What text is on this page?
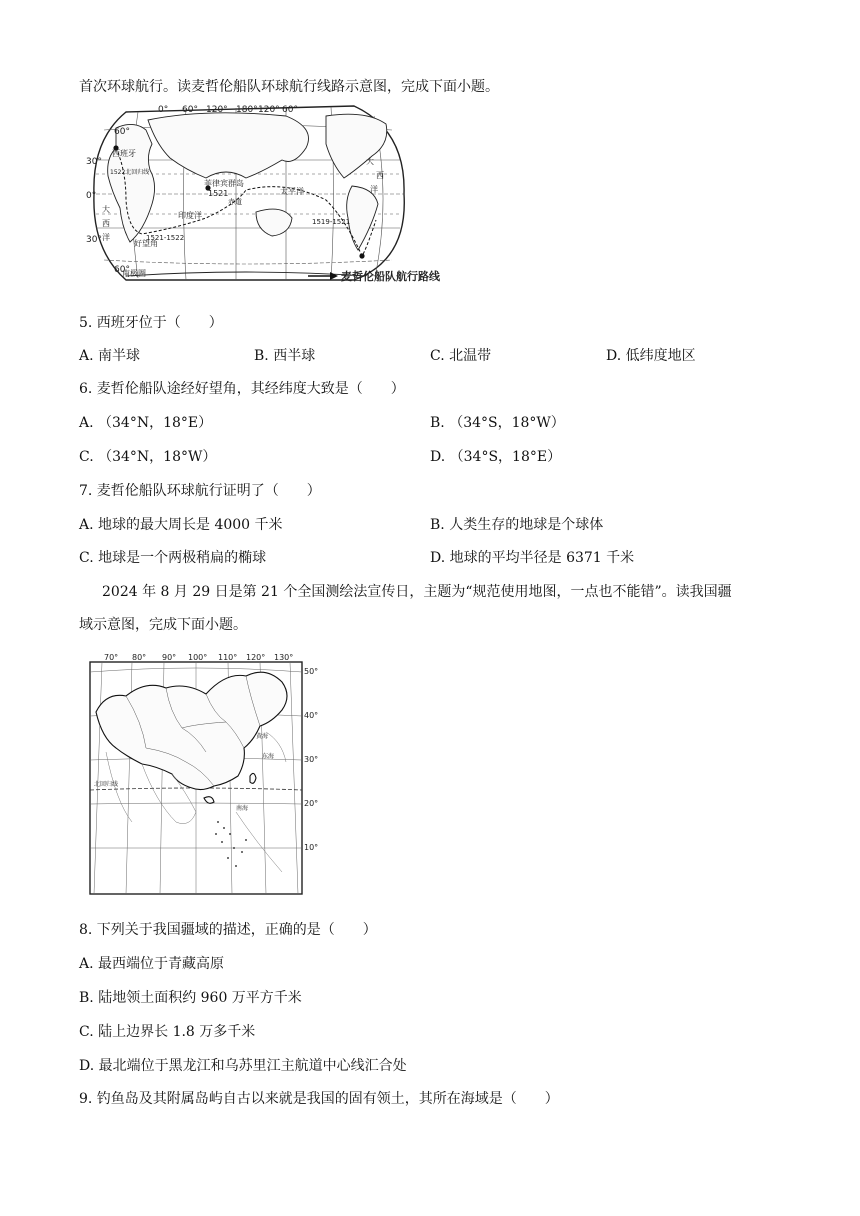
首次环球航行。读麦哲伦船队环球航行线路示意图，完成下面小题。
0° 60° 120° 180° 120° 60°
60°
30°
0°
30°
60°
西班牙
菲律宾群岛
1521	太平洋
印度洋
大
西
洋
大
西
洋
好望角
1521-1522
1519-1521
1522北回归线
南极圈
赤道
麦哲伦船队航行路线
5. 西班牙位于（　　）
A. 南半球	B. 西半球	C. 北温带	D. 低纬度地区
6. 麦哲伦船队途经好望角，其经纬度大致是（　　）
A. （34°N，18°E）	B. （34°S，18°W）
C. （34°N，18°W）	D. （34°S，18°E）
7. 麦哲伦船队环球航行证明了（　　）
A. 地球的最大周长是 4000 千米	B. 人类生存的地球是个球体
C. 地球是一个两极稍扁的椭球	D. 地球的平均半径是 6371 千米
2024 年 8 月 29 日是第 21 个全国测绘法宣传日，主题为“规范使用地图，一点也不能错”。读我国疆
域示意图，完成下面小题。
70° 80° 90° 100° 110° 120° 130°
50°
40°
30°
20°
10°
北回归线
南海
黄海
东海
8. 下列关于我国疆域的描述，正确的是（　　）
A. 最西端位于青藏高原
B. 陆地领土面积约 960 万平方千米
C. 陆上边界长 1.8 万多千米
D. 最北端位于黑龙江和乌苏里江主航道中心线汇合处
9. 钓鱼岛及其附属岛屿自古以来就是我国的固有领土，其所在海域是（　　）
